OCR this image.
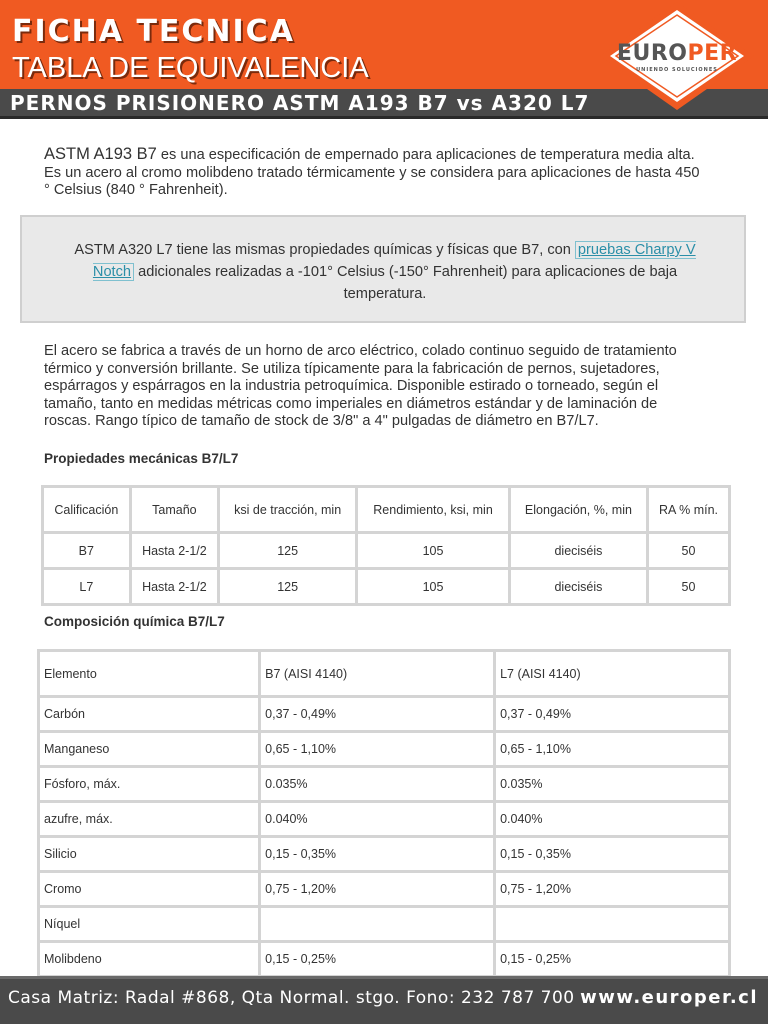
FICHA TECNICA
TABLA DE EQUIVALENCIA
PERNOS PRISIONERO ASTM A193 B7 vs A320 L7
EUROPER
UNIENDO SOLUCIONES
ASTM A193 B7 es una especificación de empernado para aplicaciones de temperatura media alta. Es un acero al cromo molibdeno tratado térmicamente y se considera para aplicaciones de hasta 450 ° Celsius (840 ° Fahrenheit).
ASTM A320 L7 tiene las mismas propiedades químicas y físicas que B7, con pruebas Charpy V Notch adicionales realizadas a -101° Celsius (-150° Fahrenheit) para aplicaciones de baja temperatura.
El acero se fabrica a través de un horno de arco eléctrico, colado continuo seguido de tratamiento térmico y conversión brillante. Se utiliza típicamente para la fabricación de pernos, sujetadores, espárragos y espárragos en la industria petroquímica. Disponible estirado o torneado, según el tamaño, tanto en medidas métricas como imperiales en diámetros estándar y de laminación de roscas. Rango típico de tamaño de stock de 3/8" a 4" pulgadas de diámetro en B7/L7.
Propiedades mecánicas B7/L7
Calificación	Tamaño	ksi de tracción, min	Rendimiento, ksi, min	Elongación, %, min	RA % mín.
B7	Hasta 2-1/2	125	105	dieciséis	50
L7	Hasta 2-1/2	125	105	dieciséis	50
Composición química B7/L7
Elemento	B7 (AISI 4140)	L7 (AISI 4140)
Carbón	0,37 - 0,49%	0,37 - 0,49%
Manganeso	0,65 - 1,10%	0,65 - 1,10%
Fósforo, máx.	0.035%	0.035%
azufre, máx.	0.040%	0.040%
Silicio	0,15 - 0,35%	0,15 - 0,35%
Cromo	0,75 - 1,20%	0,75 - 1,20%
Níquel		
Molibdeno	0,15 - 0,25%	0,15 - 0,25%
Casa Matriz: Radal #868, Qta Normal. stgo. Fono: 232 787 700 www.europer.cl
